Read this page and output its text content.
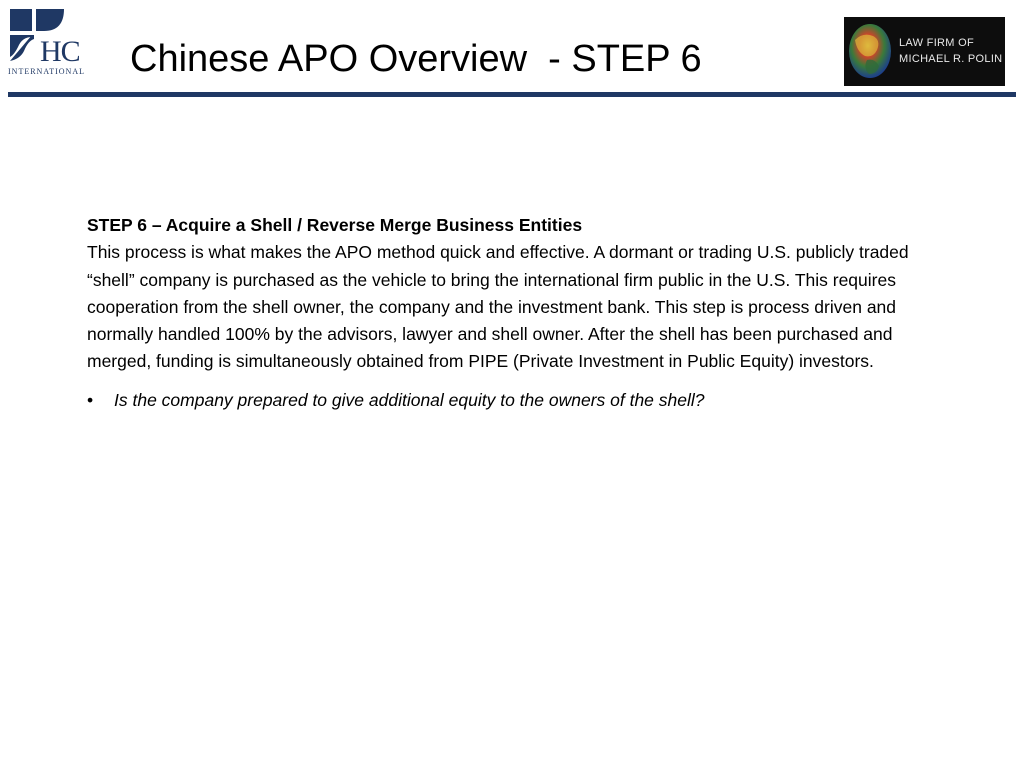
HC
INTERNATIONAL Chinese APO Overview  - STEP 6	LAW FIRM OF
MICHAEL R. POLIN
STEP 6 – Acquire a Shell / Reverse Merge Business Entities

This process is what makes the APO method quick and effective. A dormant or trading U.S. publicly traded “shell” company is purchased as the vehicle to bring the international firm public in the U.S. This requires cooperation from the shell owner, the company and the investment bank. This step is process driven and normally handled 100% by the advisors, lawyer and shell owner. After the shell has been purchased and merged, funding is simultaneously obtained from PIPE (Private Investment in Public Equity) investors.

•	Is the company prepared to give additional equity to the owners of the shell?
